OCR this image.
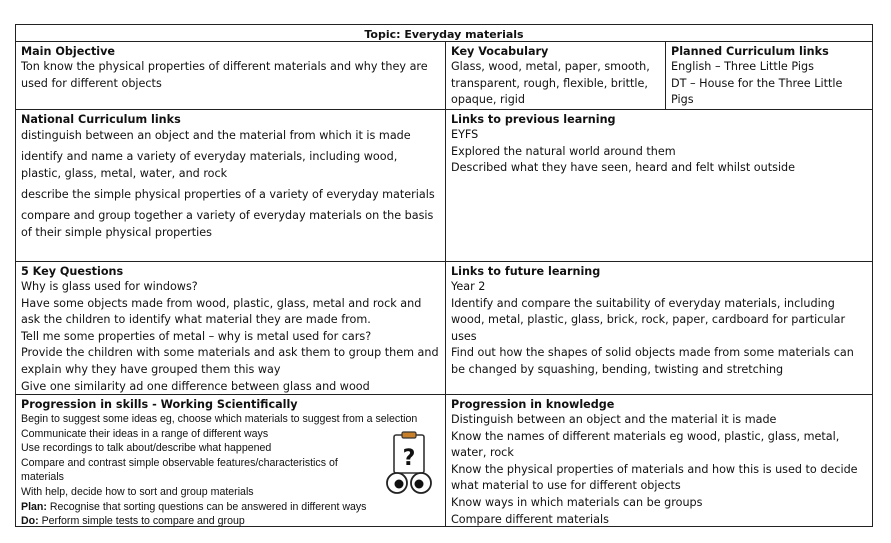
Topic: Everyday materials
Main Objective
Ton know the physical properties of different materials and why they are used for different objects
Key Vocabulary
Glass, wood, metal, paper, smooth, transparent, rough, flexible, brittle, opaque, rigid
Planned Curriculum links
English – Three Little Pigs
DT – House for the Three Little Pigs
National Curriculum links
distinguish between an object and the material from which it is made
identify and name a variety of everyday materials, including wood, plastic, glass, metal, water, and rock
describe the simple physical properties of a variety of everyday materials
compare and group together a variety of everyday materials on the basis of their simple physical properties
Links to previous learning
EYFS
Explored the natural world around them
Described what they have seen, heard and felt whilst outside
5 Key Questions
Why is glass used for windows?
Have some objects made from wood, plastic, glass, metal and rock and ask the children to identify what material they are made from.
Tell me some properties of metal – why is metal used for cars?
Provide the children with some materials and ask them to group them and explain why they have grouped them this way
Give one similarity ad one difference between glass and wood
Links to future learning
Year 2
Identify and compare the suitability of everyday materials, including wood, metal, plastic, glass, brick, rock, paper, cardboard for particular uses
Find out how the shapes of solid objects made from some materials can be changed by squashing, bending, twisting and stretching
Progression in skills - Working Scientifically
Begin to suggest some ideas eg, choose which materials to suggest from a selection
Communicate their ideas in a range of different ways
Use recordings to talk about/describe what happened
Compare and contrast simple observable features/characteristics of materials
With help, decide how to sort and group materials
Plan: Recognise that sorting questions can be answered in different ways
Do: Perform simple tests to compare and group
?
Progression in knowledge
Distinguish between an object and the material it is made
Know the names of different materials eg wood, plastic, glass, metal, water, rock
Know the physical properties of materials and how this is used to decide what material to use for different objects
Know ways in which materials can be groups
Compare different materials
